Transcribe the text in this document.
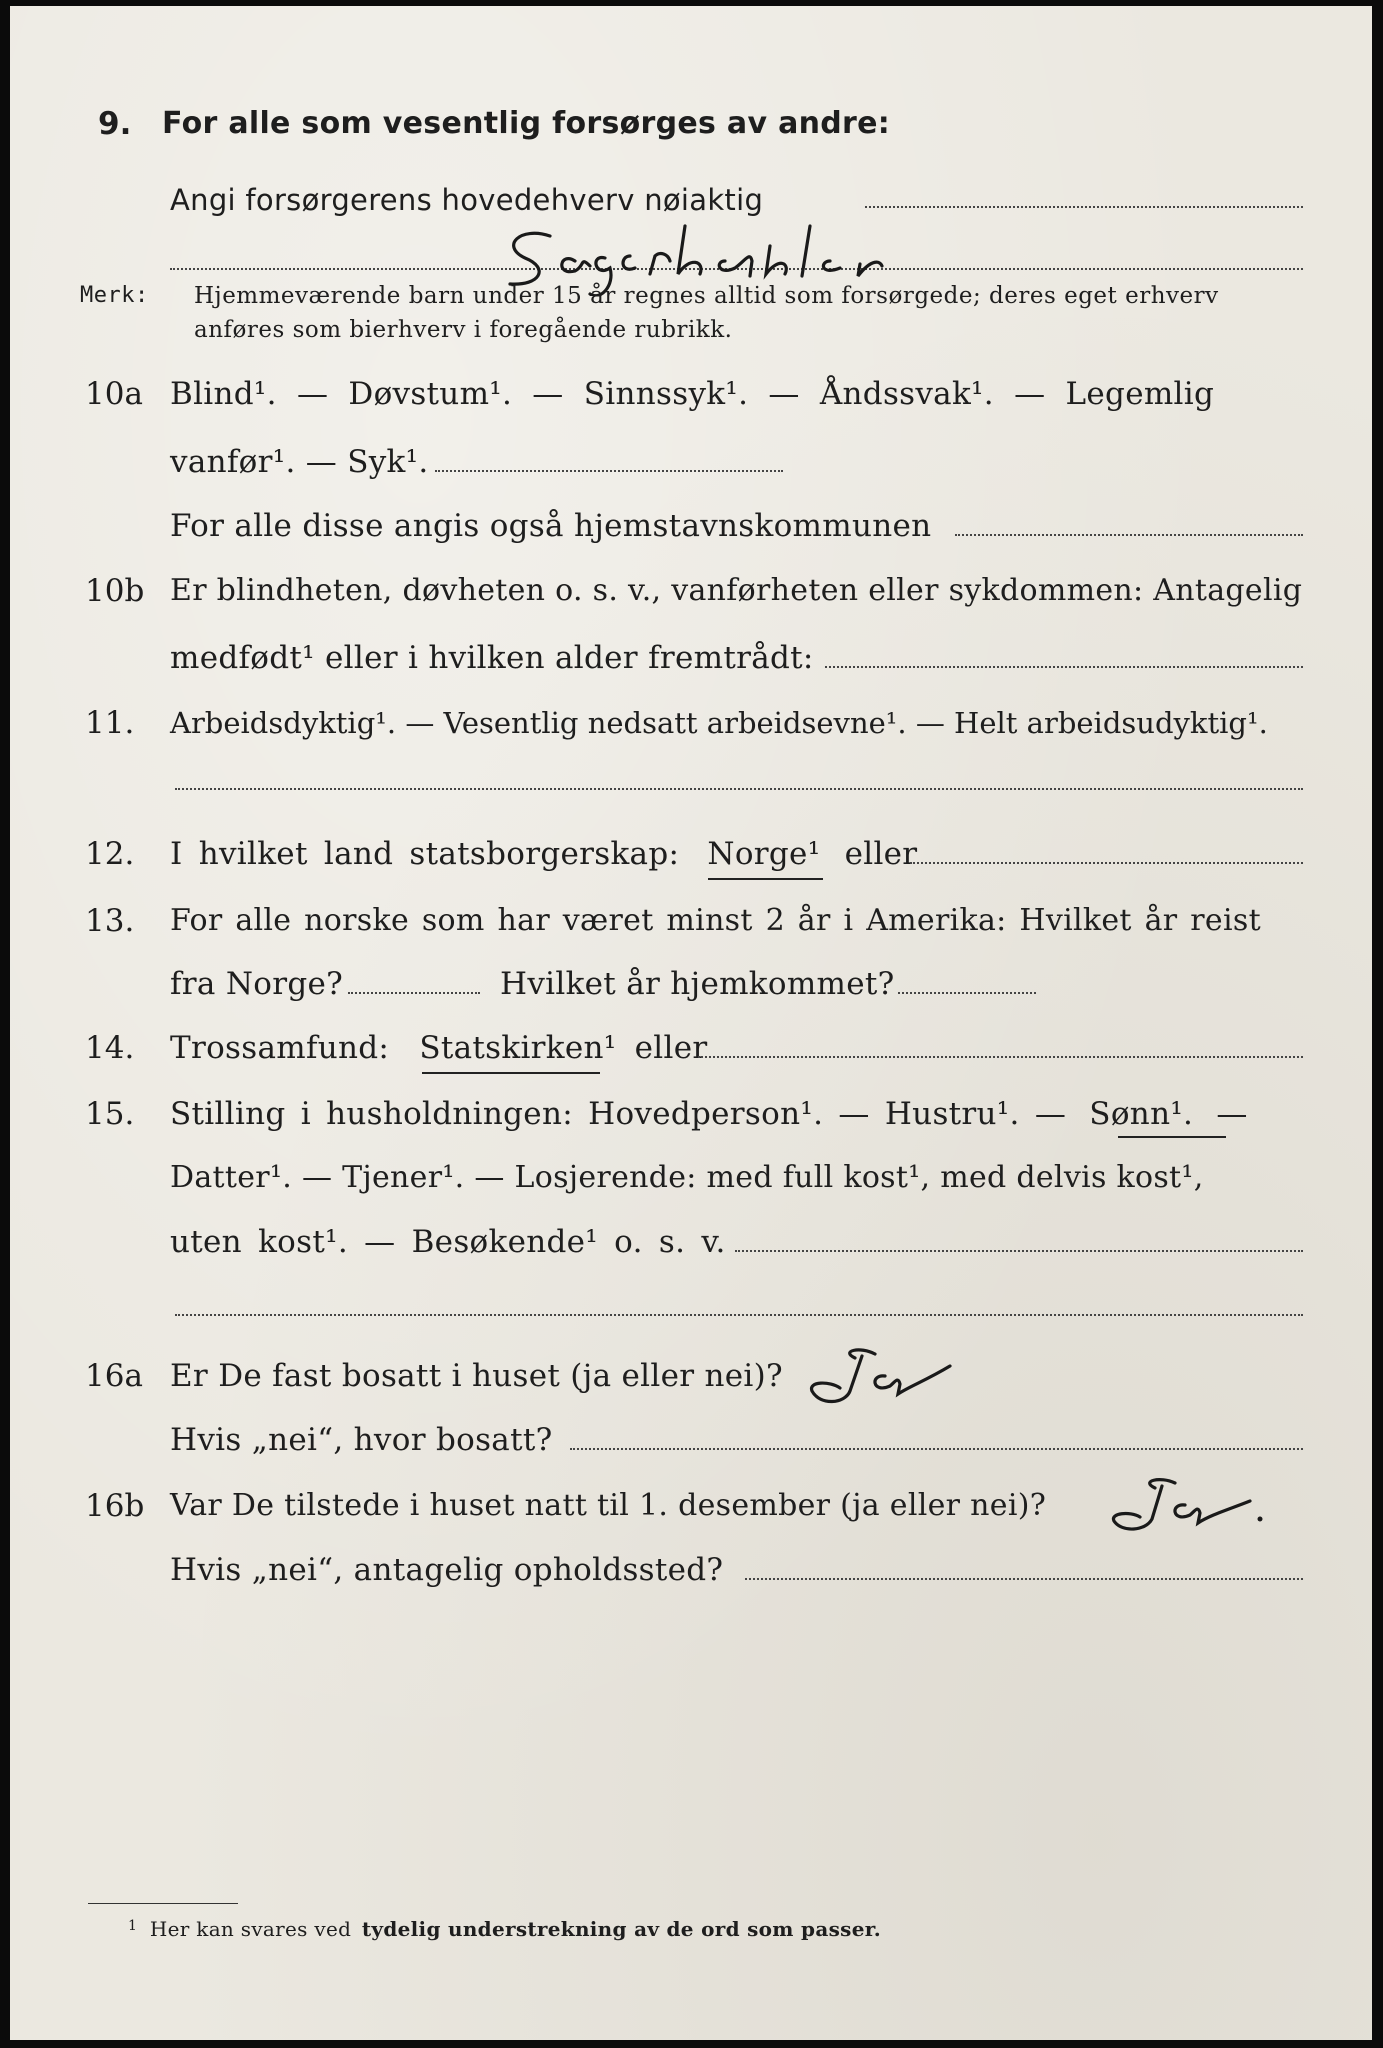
9. For alle som vesentlig forsørges av andre:
Angi forsørgerens hovedehverv nøiaktig
Merk: Hjemmeværende barn under 15 år regnes alltid som forsørgede; deres eget erhverv
anføres som bierhverv i foregående rubrikk.
10a Blind¹. — Døvstum¹. — Sinnssyk¹. — Åndssvak¹. — Legemlig
vanfør¹. — Syk¹.
For alle disse angis også hjemstavnskommunen
10b Er blindheten, døvheten o. s. v., vanførheten eller sykdommen: Antagelig
medfødt¹ eller i hvilken alder fremtrådt:
11. Arbeidsdyktig¹. — Vesentlig nedsatt arbeidsevne¹. — Helt arbeidsudyktig¹.
12. I hvilket land statsborgerskap: Norge¹ eller
13. For alle norske som har været minst 2 år i Amerika: Hvilket år reist
fra Norge?	Hvilket år hjemkommet?
14. Trossamfund: Statskirken¹ eller
15. Stilling i husholdningen: Hovedperson¹. — Hustru¹. — Sønn¹. —
Datter¹. — Tjener¹. — Losjerende: med full kost¹, med delvis kost¹,
uten kost¹. — Besøkende¹ o. s. v.
16a Er De fast bosatt i huset (ja eller nei)?
Hvis „nei“, hvor bosatt?
16b Var De tilstede i huset natt til 1. desember (ja eller nei)?
Hvis „nei“, antagelig opholdssted?
$^1$ Her kan svares ved tydelig understrekning av de ord som passer.
